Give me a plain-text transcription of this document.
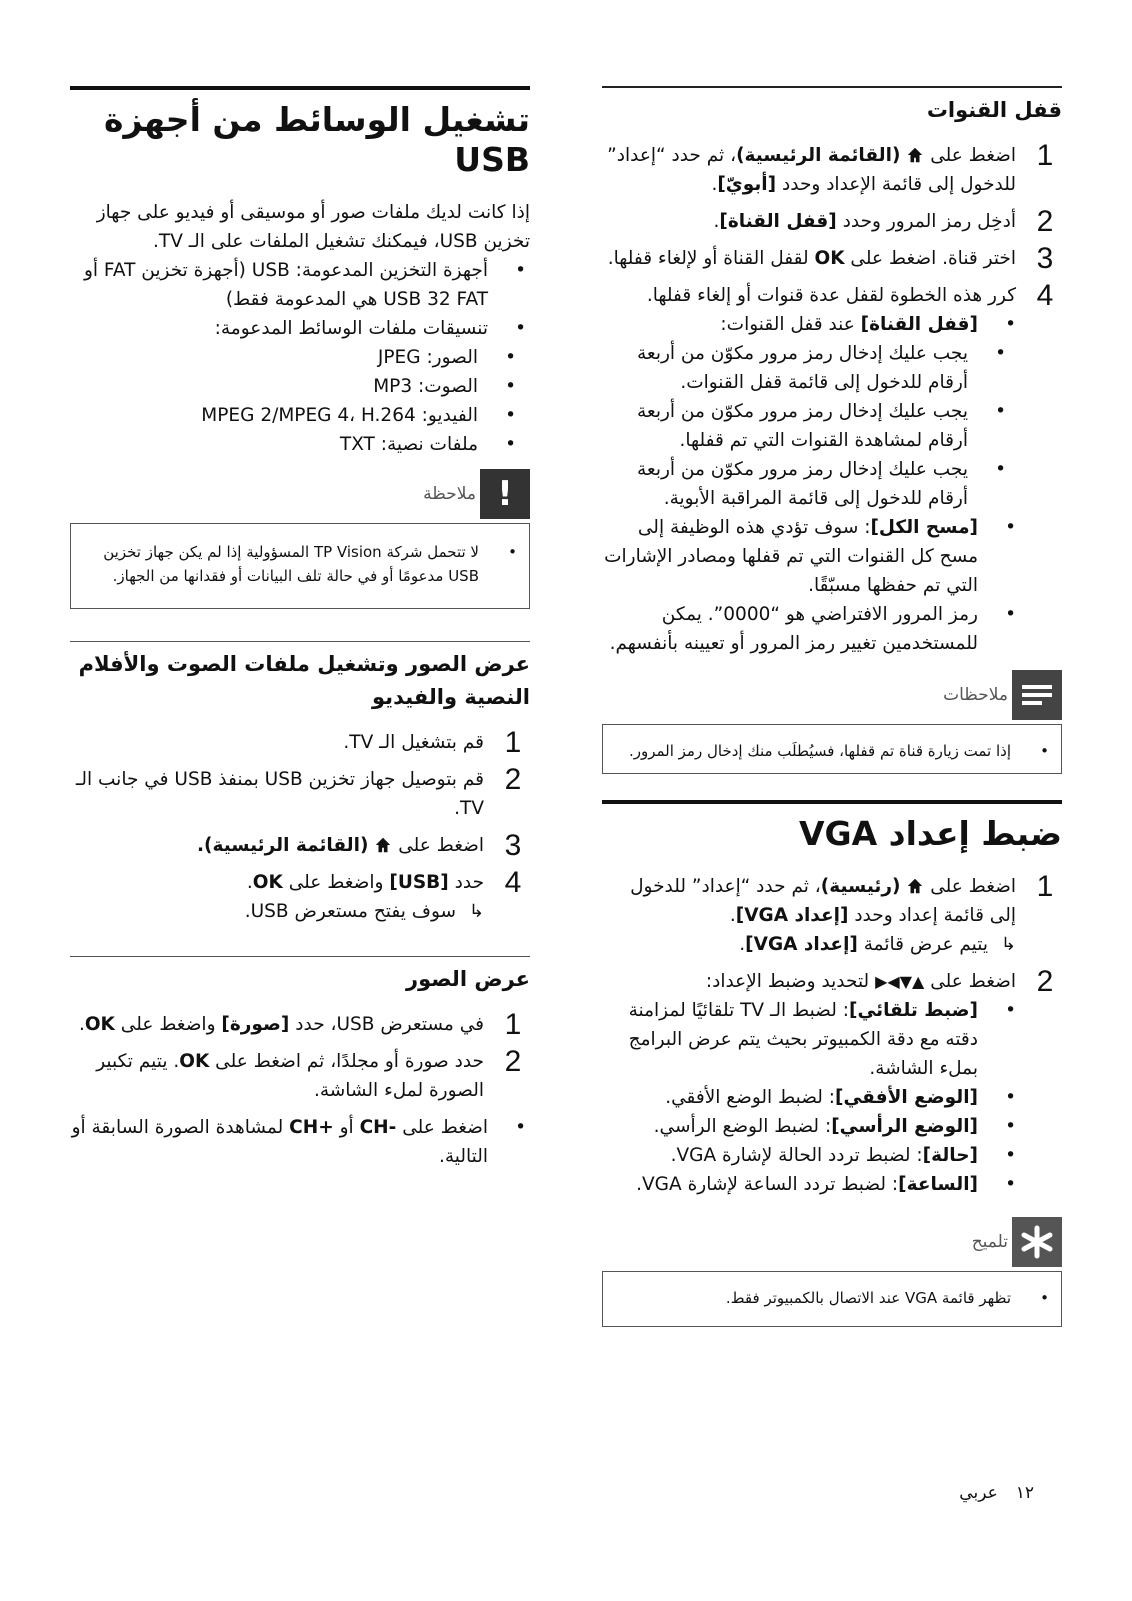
قفل القنوات
1
اضغط على  (القائمة الرئيسية)، ثم حدد “إعداد” للدخول إلى قائمة الإعداد وحدد [أبويّ].
2
أدخِل رمز المرور وحدد [قفل القناة].
3
اختر قناة. اضغط على OK لقفل القناة أو لإلغاء قفلها.
4
كرر هذه الخطوة لقفل عدة قنوات أو إلغاء قفلها.
• [قفل القناة] عند قفل القنوات:
• يجب عليك إدخال رمز مرور مكوّن من أربعة أرقام للدخول إلى قائمة قفل القنوات.
• يجب عليك إدخال رمز مرور مكوّن من أربعة أرقام لمشاهدة القنوات التي تم قفلها.
• يجب عليك إدخال رمز مرور مكوّن من أربعة أرقام للدخول إلى قائمة المراقبة الأبوية.
• [مسح الكل]: سوف تؤدي هذه الوظيفة إلى مسح كل القنوات التي تم قفلها ومصادر الإشارات التي تم حفظها مسبّقًا.
• رمز المرور الافتراضي هو “0000”. يمكن للمستخدمين تغيير رمز المرور أو تعيينه بأنفسهم.
ملاحظات
• إذا تمت زيارة قناة تم قفلها، فسيُطلَب منك إدخال رمز المرور.
ضبط إعداد VGA
1
اضغط على  (رئيسية)، ثم حدد “إعداد” للدخول إلى قائمة إعداد وحدد [إعداد VGA].
↳
يتيم عرض قائمة [إعداد VGA].
2
اضغط على ▲▼◀▶ لتحديد وضبط الإعداد:
• [ضبط تلقائي]: لضبط الـ TV تلقائيًا لمزامنة دقته مع دقة الكمبيوتر بحيث يتم عرض البرامج بملء الشاشة.
• [الوضع الأفقي]: لضبط الوضع الأفقي.
• [الوضع الرأسي]: لضبط الوضع الرأسي.
• [حالة]: لضبط تردد الحالة لإشارة VGA.
• [الساعة]: لضبط تردد الساعة لإشارة VGA.
تلميح
• تظهر قائمة VGA عند الاتصال بالكمبيوتر فقط.
تشغيل الوسائط من أجهزة USB

إذا كانت لديك ملفات صور أو موسيقى أو فيديو على جهاز تخزين USB، فيمكنك تشغيل الملفات على الـ TV.

• أجهزة التخزين المدعومة: USB (أجهزة تخزين FAT أو USB 32 FAT هي المدعومة فقط)
• تنسيقات ملفات الوسائط المدعومة:
• الصور: JPEG
• الصوت: MP3
• الفيديو: MPEG 2/MPEG 4، H.264
• ملفات نصية: TXT
!
ملاحظة
• لا تتحمل شركة TP Vision المسؤولية إذا لم يكن جهاز تخزين USB مدعومًا أو في حالة تلف البيانات أو فقدانها من الجهاز.
عرض الصور وتشغيل ملفات الصوت والأفلام النصية والفيديو
1
قم بتشغيل الـ TV.
2
قم بتوصيل جهاز تخزين USB بمنفذ USB في جانب الـ TV.
3
اضغط على  (القائمة الرئيسية).
4
حدد [USB] واضغط على OK.
↳
سوف يفتح مستعرض USB.
عرض الصور
1
في مستعرض USB، حدد [صورة] واضغط على OK.
2
حدد صورة أو مجلدًا، ثم اضغط على OK. يتيم تكبير الصورة لملء الشاشة.
• اضغط على -CH أو +CH لمشاهدة الصورة السابقة أو التالية.
١٢عربي
